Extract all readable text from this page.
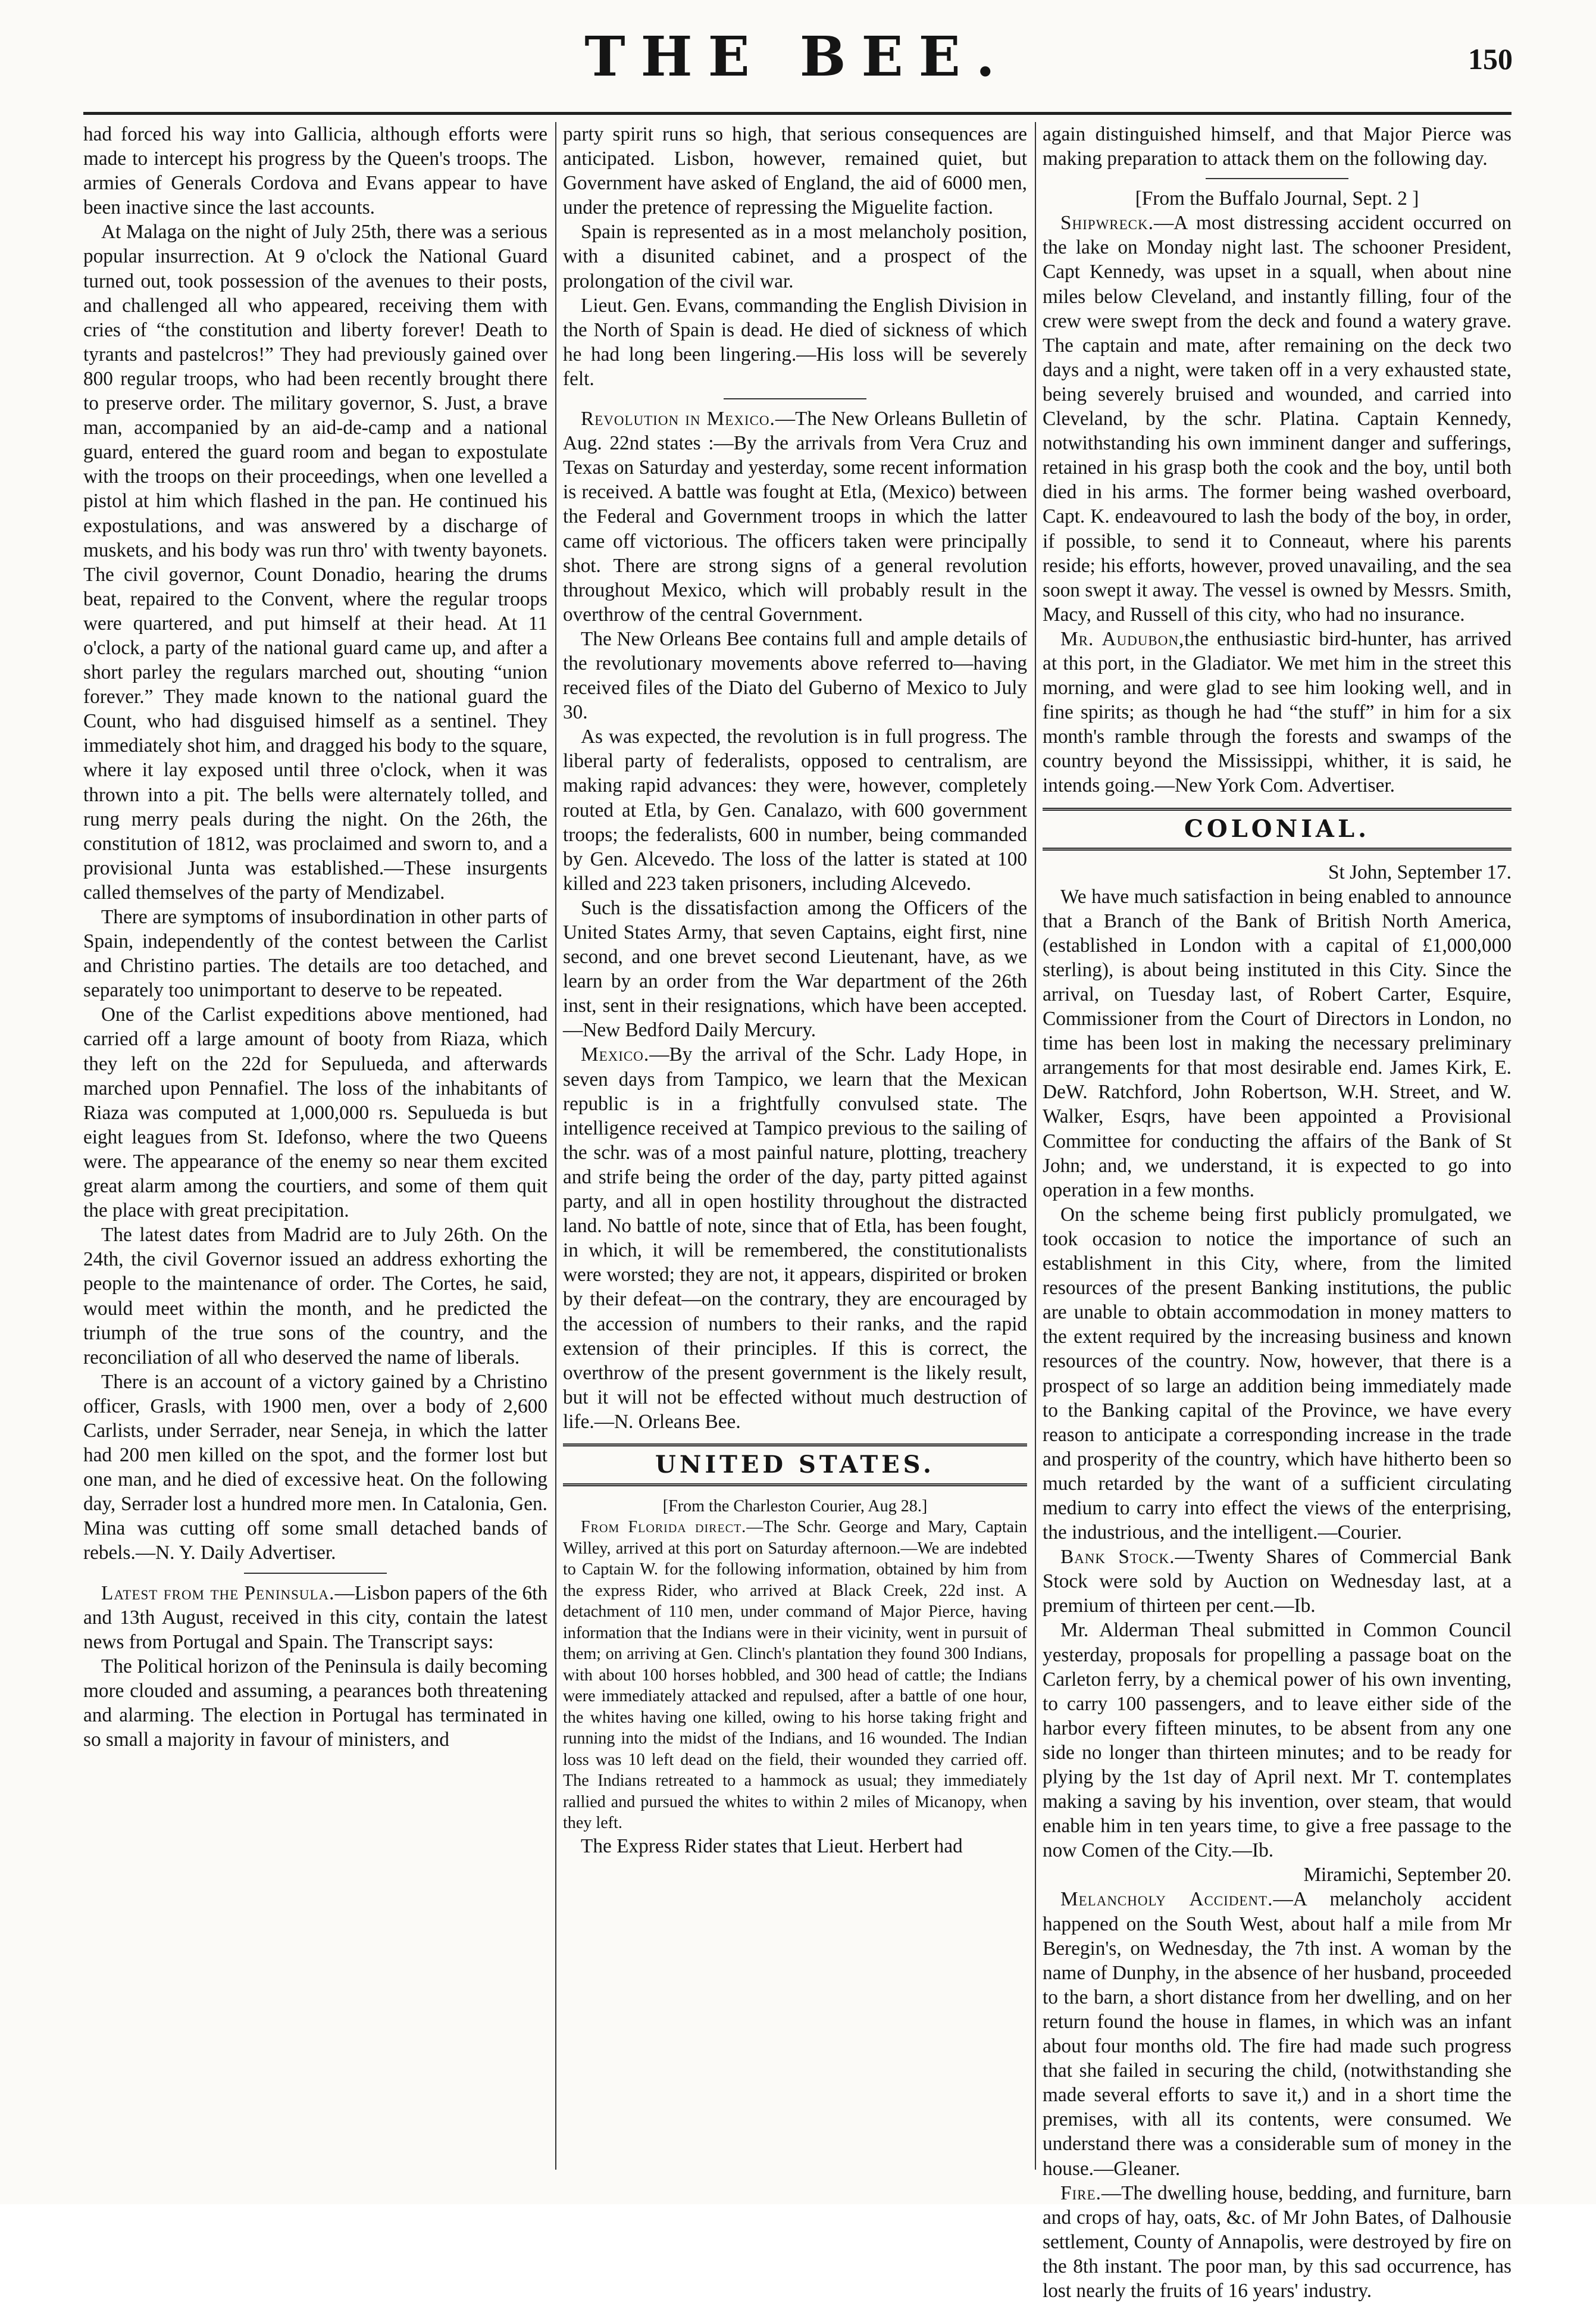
THE BEE.	150

had forced his way into Gallicia, although efforts were made to intercept his progress by the Queen's troops. The armies of Generals Cordova and Evans appear to have been inactive since the last accounts.

At Malaga on the night of July 25th, there was a serious popular insurrection. At 9 o'clock the National Guard turned out, took possession of the avenues to their posts, and challenged all who appeared, receiving them with cries of “the constitution and liberty forever! Death to tyrants and pastelcros!” They had previously gained over 800 regular troops, who had been recently brought there to preserve order. The military governor, S. Just, a brave man, accompanied by an aid-de-camp and a national guard, entered the guard room and began to expostulate with the troops on their proceedings, when one levelled a pistol at him which flashed in the pan. He continued his expostulations, and was answered by a discharge of muskets, and his body was run thro' with twenty bayonets. The civil governor, Count Donadio, hearing the drums beat, repaired to the Convent, where the regular troops were quartered, and put himself at their head. At 11 o'clock, a party of the national guard came up, and after a short parley the regulars marched out, shouting “union forever.” They made known to the national guard the Count, who had disguised himself as a sentinel. They immediately shot him, and dragged his body to the square, where it lay exposed until three o'clock, when it was thrown into a pit. The bells were alternately tolled, and rung merry peals during the night. On the 26th, the constitution of 1812, was proclaimed and sworn to, and a provisional Junta was established.—These insurgents called themselves of the party of Mendizabel.

There are symptoms of insubordination in other parts of Spain, independently of the contest between the Carlist and Christino parties. The details are too detached, and separately too unimportant to deserve to be repeated.

One of the Carlist expeditions above mentioned, had carried off a large amount of booty from Riaza, which they left on the 22d for Sepulueda, and afterwards marched upon Pennafiel. The loss of the inhabitants of Riaza was computed at 1,000,000 rs. Sepulueda is but eight leagues from St. Idefonso, where the two Queens were. The appearance of the enemy so near them excited great alarm among the courtiers, and some of them quit the place with great precipitation.

The latest dates from Madrid are to July 26th. On the 24th, the civil Governor issued an address exhorting the people to the maintenance of order. The Cortes, he said, would meet within the month, and he predicted the triumph of the true sons of the country, and the reconciliation of all who deserved the name of liberals.

There is an account of a victory gained by a Christino officer, Grasls, with 1900 men, over a body of 2,600 Carlists, under Serrader, near Seneja, in which the latter had 200 men killed on the spot, and the former lost but one man, and he died of excessive heat. On the following day, Serrader lost a hundred more men. In Catalonia, Gen. Mina was cutting off some small detached bands of rebels.—N. Y. Daily Advertiser.

Latest from the Peninsula.—Lisbon papers of the 6th and 13th August, received in this city, contain the latest news from Portugal and Spain. The Transcript says:

The Political horizon of the Peninsula is daily becoming more clouded and assuming, a pearances both threatening and alarming. The election in Portugal has terminated in so small a majority in favour of ministers, and

party spirit runs so high, that serious consequences are anticipated. Lisbon, however, remained quiet, but Government have asked of England, the aid of 6000 men, under the pretence of repressing the Miguelite faction.

Spain is represented as in a most melancholy position, with a disunited cabinet, and a prospect of the prolongation of the civil war.

Lieut. Gen. Evans, commanding the English Division in the North of Spain is dead. He died of sickness of which he had long been lingering.—His loss will be severely felt.

Revolution in Mexico.—The New Orleans Bulletin of Aug. 22nd states :—By the arrivals from Vera Cruz and Texas on Saturday and yesterday, some recent information is received. A battle was fought at Etla, (Mexico) between the Federal and Government troops in which the latter came off victorious. The officers taken were principally shot. There are strong signs of a general revolution throughout Mexico, which will probably result in the overthrow of the central Government.

The New Orleans Bee contains full and ample details of the revolutionary movements above referred to—having received files of the Diato del Guberno of Mexico to July 30.

As was expected, the revolution is in full progress. The liberal party of federalists, opposed to centralism, are making rapid advances: they were, however, completely routed at Etla, by Gen. Canalazo, with 600 government troops; the federalists, 600 in number, being commanded by Gen. Alcevedo. The loss of the latter is stated at 100 killed and 223 taken prisoners, including Alcevedo.

Such is the dissatisfaction among the Officers of the United States Army, that seven Captains, eight first, nine second, and one brevet second Lieutenant, have, as we learn by an order from the War department of the 26th inst, sent in their resignations, which have been accepted.—New Bedford Daily Mercury.

Mexico.—By the arrival of the Schr. Lady Hope, in seven days from Tampico, we learn that the Mexican republic is in a frightfully convulsed state. The intelligence received at Tampico previous to the sailing of the schr. was of a most painful nature, plotting, treachery and strife being the order of the day, party pitted against party, and all in open hostility throughout the distracted land. No battle of note, since that of Etla, has been fought, in which, it will be remembered, the constitutionalists were worsted; they are not, it appears, dispirited or broken by their defeat—on the contrary, they are encouraged by the accession of numbers to their ranks, and the rapid extension of their principles. If this is correct, the overthrow of the present government is the likely result, but it will not be effected without much destruction of life.—N. Orleans Bee.

UNITED STATES.

[From the Charleston Courier, Aug 28.]

From Florida direct.—The Schr. George and Mary, Captain Willey, arrived at this port on Saturday afternoon.—We are indebted to Captain W. for the following information, obtained by him from the express Rider, who arrived at Black Creek, 22d inst. A detachment of 110 men, under command of Major Pierce, having information that the Indians were in their vicinity, went in pursuit of them; on arriving at Gen. Clinch's plantation they found 300 Indians, with about 100 horses hobbled, and 300 head of cattle; the Indians were immediately attacked and repulsed, after a battle of one hour, the whites having one killed, owing to his horse taking fright and running into the midst of the Indians, and 16 wounded. The Indian loss was 10 left dead on the field, their wounded they carried off. The Indians retreated to a hammock as usual; they immediately rallied and pursued the whites to within 2 miles of Micanopy, when they left.

The Express Rider states that Lieut. Herbert had

again distinguished himself, and that Major Pierce was making preparation to attack them on the following day.

[From the Buffalo Journal, Sept. 2 ]

Shipwreck.—A most distressing accident occurred on the lake on Monday night last. The schooner President, Capt Kennedy, was upset in a squall, when about nine miles below Cleveland, and instantly filling, four of the crew were swept from the deck and found a watery grave. The captain and mate, after remaining on the deck two days and a night, were taken off in a very exhausted state, being severely bruised and wounded, and carried into Cleveland, by the schr. Platina. Captain Kennedy, notwithstanding his own imminent danger and sufferings, retained in his grasp both the cook and the boy, until both died in his arms. The former being washed overboard, Capt. K. endeavoured to lash the body of the boy, in order, if possible, to send it to Conneaut, where his parents reside; his efforts, however, proved unavailing, and the sea soon swept it away. The vessel is owned by Messrs. Smith, Macy, and Russell of this city, who had no insurance.

Mr. Audubon,the enthusiastic bird-hunter, has arrived at this port, in the Gladiator. We met him in the street this morning, and were glad to see him looking well, and in fine spirits; as though he had “the stuff” in him for a six month's ramble through the forests and swamps of the country beyond the Mississippi, whither, it is said, he intends going.—New York Com. Advertiser.

COLONIAL.

St John, September 17.

We have much satisfaction in being enabled to announce that a Branch of the Bank of British North America, (established in London with a capital of £1,000,000 sterling), is about being instituted in this City. Since the arrival, on Tuesday last, of Robert Carter, Esquire, Commissioner from the Court of Directors in London, no time has been lost in making the necessary preliminary arrangements for that most desirable end. James Kirk, E. DeW. Ratchford, John Robertson, W.H. Street, and W. Walker, Esqrs, have been appointed a Provisional Committee for conducting the affairs of the Bank of St John; and, we understand, it is expected to go into operation in a few months.

On the scheme being first publicly promulgated, we took occasion to notice the importance of such an establishment in this City, where, from the limited resources of the present Banking institutions, the public are unable to obtain accommodation in money matters to the extent required by the increasing business and known resources of the country. Now, however, that there is a prospect of so large an addition being immediately made to the Banking capital of the Province, we have every reason to anticipate a corresponding increase in the trade and prosperity of the country, which have hitherto been so much retarded by the want of a sufficient circulating medium to carry into effect the views of the enterprising, the industrious, and the intelligent.—Courier.

Bank Stock.—Twenty Shares of Commercial Bank Stock were sold by Auction on Wednesday last, at a premium of thirteen per cent.—Ib.

Mr. Alderman Theal submitted in Common Council yesterday, proposals for propelling a passage boat on the Carleton ferry, by a chemical power of his own inventing, to carry 100 passengers, and to leave either side of the harbor every fifteen minutes, to be absent from any one side no longer than thirteen minutes; and to be ready for plying by the 1st day of April next. Mr T. contemplates making a saving by his invention, over steam, that would enable him in ten years time, to give a free passage to the now Comen of the City.—Ib.

Miramichi, September 20.

Melancholy Accident.—A melancholy accident happened on the South West, about half a mile from Mr Beregin's, on Wednesday, the 7th inst. A woman by the name of Dunphy, in the absence of her husband, proceeded to the barn, a short distance from her dwelling, and on her return found the house in flames, in which was an infant about four months old. The fire had made such progress that she failed in securing the child, (notwithstanding she made several efforts to save it,) and in a short time the premises, with all its contents, were consumed. We understand there was a considerable sum of money in the house.—Gleaner.

Fire.—The dwelling house, bedding, and furniture, barn and crops of hay, oats, &c. of Mr John Bates, of Dalhousie settlement, County of Annapolis, were destroyed by fire on the 8th instant. The poor man, by this sad occurrence, has lost nearly the fruits of 16 years' industry.
